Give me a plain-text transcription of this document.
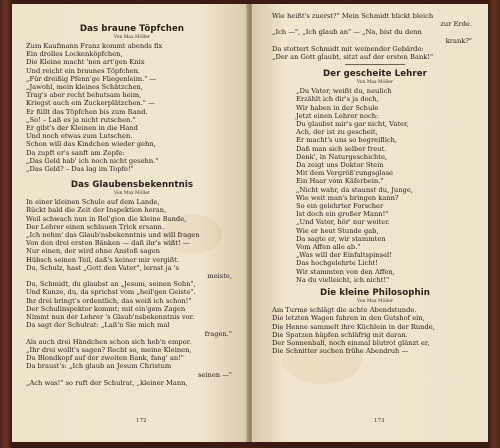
Das braune Töpfchen
Von Max Möller
Zum Kaufmann Franz kommt abends fix
Ein drolles Lockenköpfchen,
Die Kleine macht 'nen art'gen Knix
Und reicht ein braunes Töpfchen.
„Für dreißig Pfenn'ge Fliegenleim." —
„Jawohl, mein kleines Schätzchen,
Trag's aber recht behutsam heim,
Kriegst auch ein Zuckerplätzchen." —
Er füllt das Töpfchen bis zum Rand.
„So! – Laß es ja nicht rutschen."
Er gibt's der Kleinen in die Hand
Und noch etwas zum Lutschen.
Schon will das Kindchen wieder gehn,
Da zupft er's sanft am Zopfe:
„Das Geld hab' ich noch nicht gesehn."
„Das Geld? – Das lag im Topfe!"
Das Glaubensbekenntnis
Von Max Möller
In einer kleinen Schule auf dem Lande,
Rückt bald die Zeit der Inspektion heran,
Weil schwach nun in Rel'gion die kleine Bande,
Der Lehrer einen schlauen Trick ersann.
„Ich nehm' das Glaub'nsbekenntnis und will fragen
Von den drei ersten Bänken — daß ihr's wißt! —
Nur einen, der wird ohne Anstoß sagen
Hübsch seinen Teil, daß's keiner mir vergißt.
Du, Schulz, hast „Gott den Vater", lernst ja 's
meiste,
Du, Schmidt, du glaubst an „Jesum, seinen Sohn",
Und Kunze, du, da sprichst vom „heil'gen Geiste".
Ihr drei bringt's ordentlich, das weiß ich schon!"
Der Schulinspektor kommt; mit ein'gem Zagen
Nimmt nun der Lehrer 's Glaub'nsbekenntnis vor.
Da sagt der Schulrat: „Laß'n Sie mich mal
fragen."
Als auch drei Händchen schon sich heb'n empor.
„Ihr drei wollt's sagen? Recht so, meine Kleinen,
Du Blondkopf auf der zweiten Bank, fang' an!"
Da braust's: „Ich glaub an Jesum Christum
seinen —"
„Ach was!" so ruft der Schulrat, „kleiner Mann,
172
Wie heißt's zuerst?" Mein Schmidt blickt bleich
zur Erde.
„Ich —", „Ich glaub an" — „Na, bist du denn
krank?"
Da stottert Schmidt mit weinender Gebärde:
„Der an Gott glaubt, sitzt auf der ersten Bank!"
Der gescheite Lehrer
Von Max Möller
„Du Vater, weißt du, neulich
Erzählt ich dir's ja doch,
Wir haben in der Schule
Jetzt einen Lehrer noch:
Du glaubst mir's gar nicht, Vater,
Ach, der ist zu gescheit,
Er macht's uns so begreiflich,
Daß man sich selber freut.
Denk', in Naturgeschichte,
Da zeigt uns Doktor Stein
Mit dem Vergröß'rungsglase
Ein Haar vom Käferbein."
„Nicht wahr, da staunst du, Junge,
Wie weit man's bringen kann?
So ein gelehrter Forscher
Ist doch ein großer Mann!"
„Und Vater, hör' nur weiter.
Wie er heut Stunde gab,
Da sagte er, wir stammten
Vom Affen alle ab."
„Was will der Einfaltspinsel!
Das hochgelehrte Licht!
Wir stammten von den Affen,
Na du vielleicht, ich nicht!"
Die kleine Philosophin
Von Max Möller
Am Turme schlägt die achte Abendstunde.
Die letzten Wagen fahren in den Gutshof ein,
Die Henne sammelt ihre Küchlein in der Runde,
Die Spatzen hüpfen schläfrig mit daran.
Der Sonnenball, noch einmal blutrot glänzt er,
Die Schnitter suchen frühe Abendruh —
173
